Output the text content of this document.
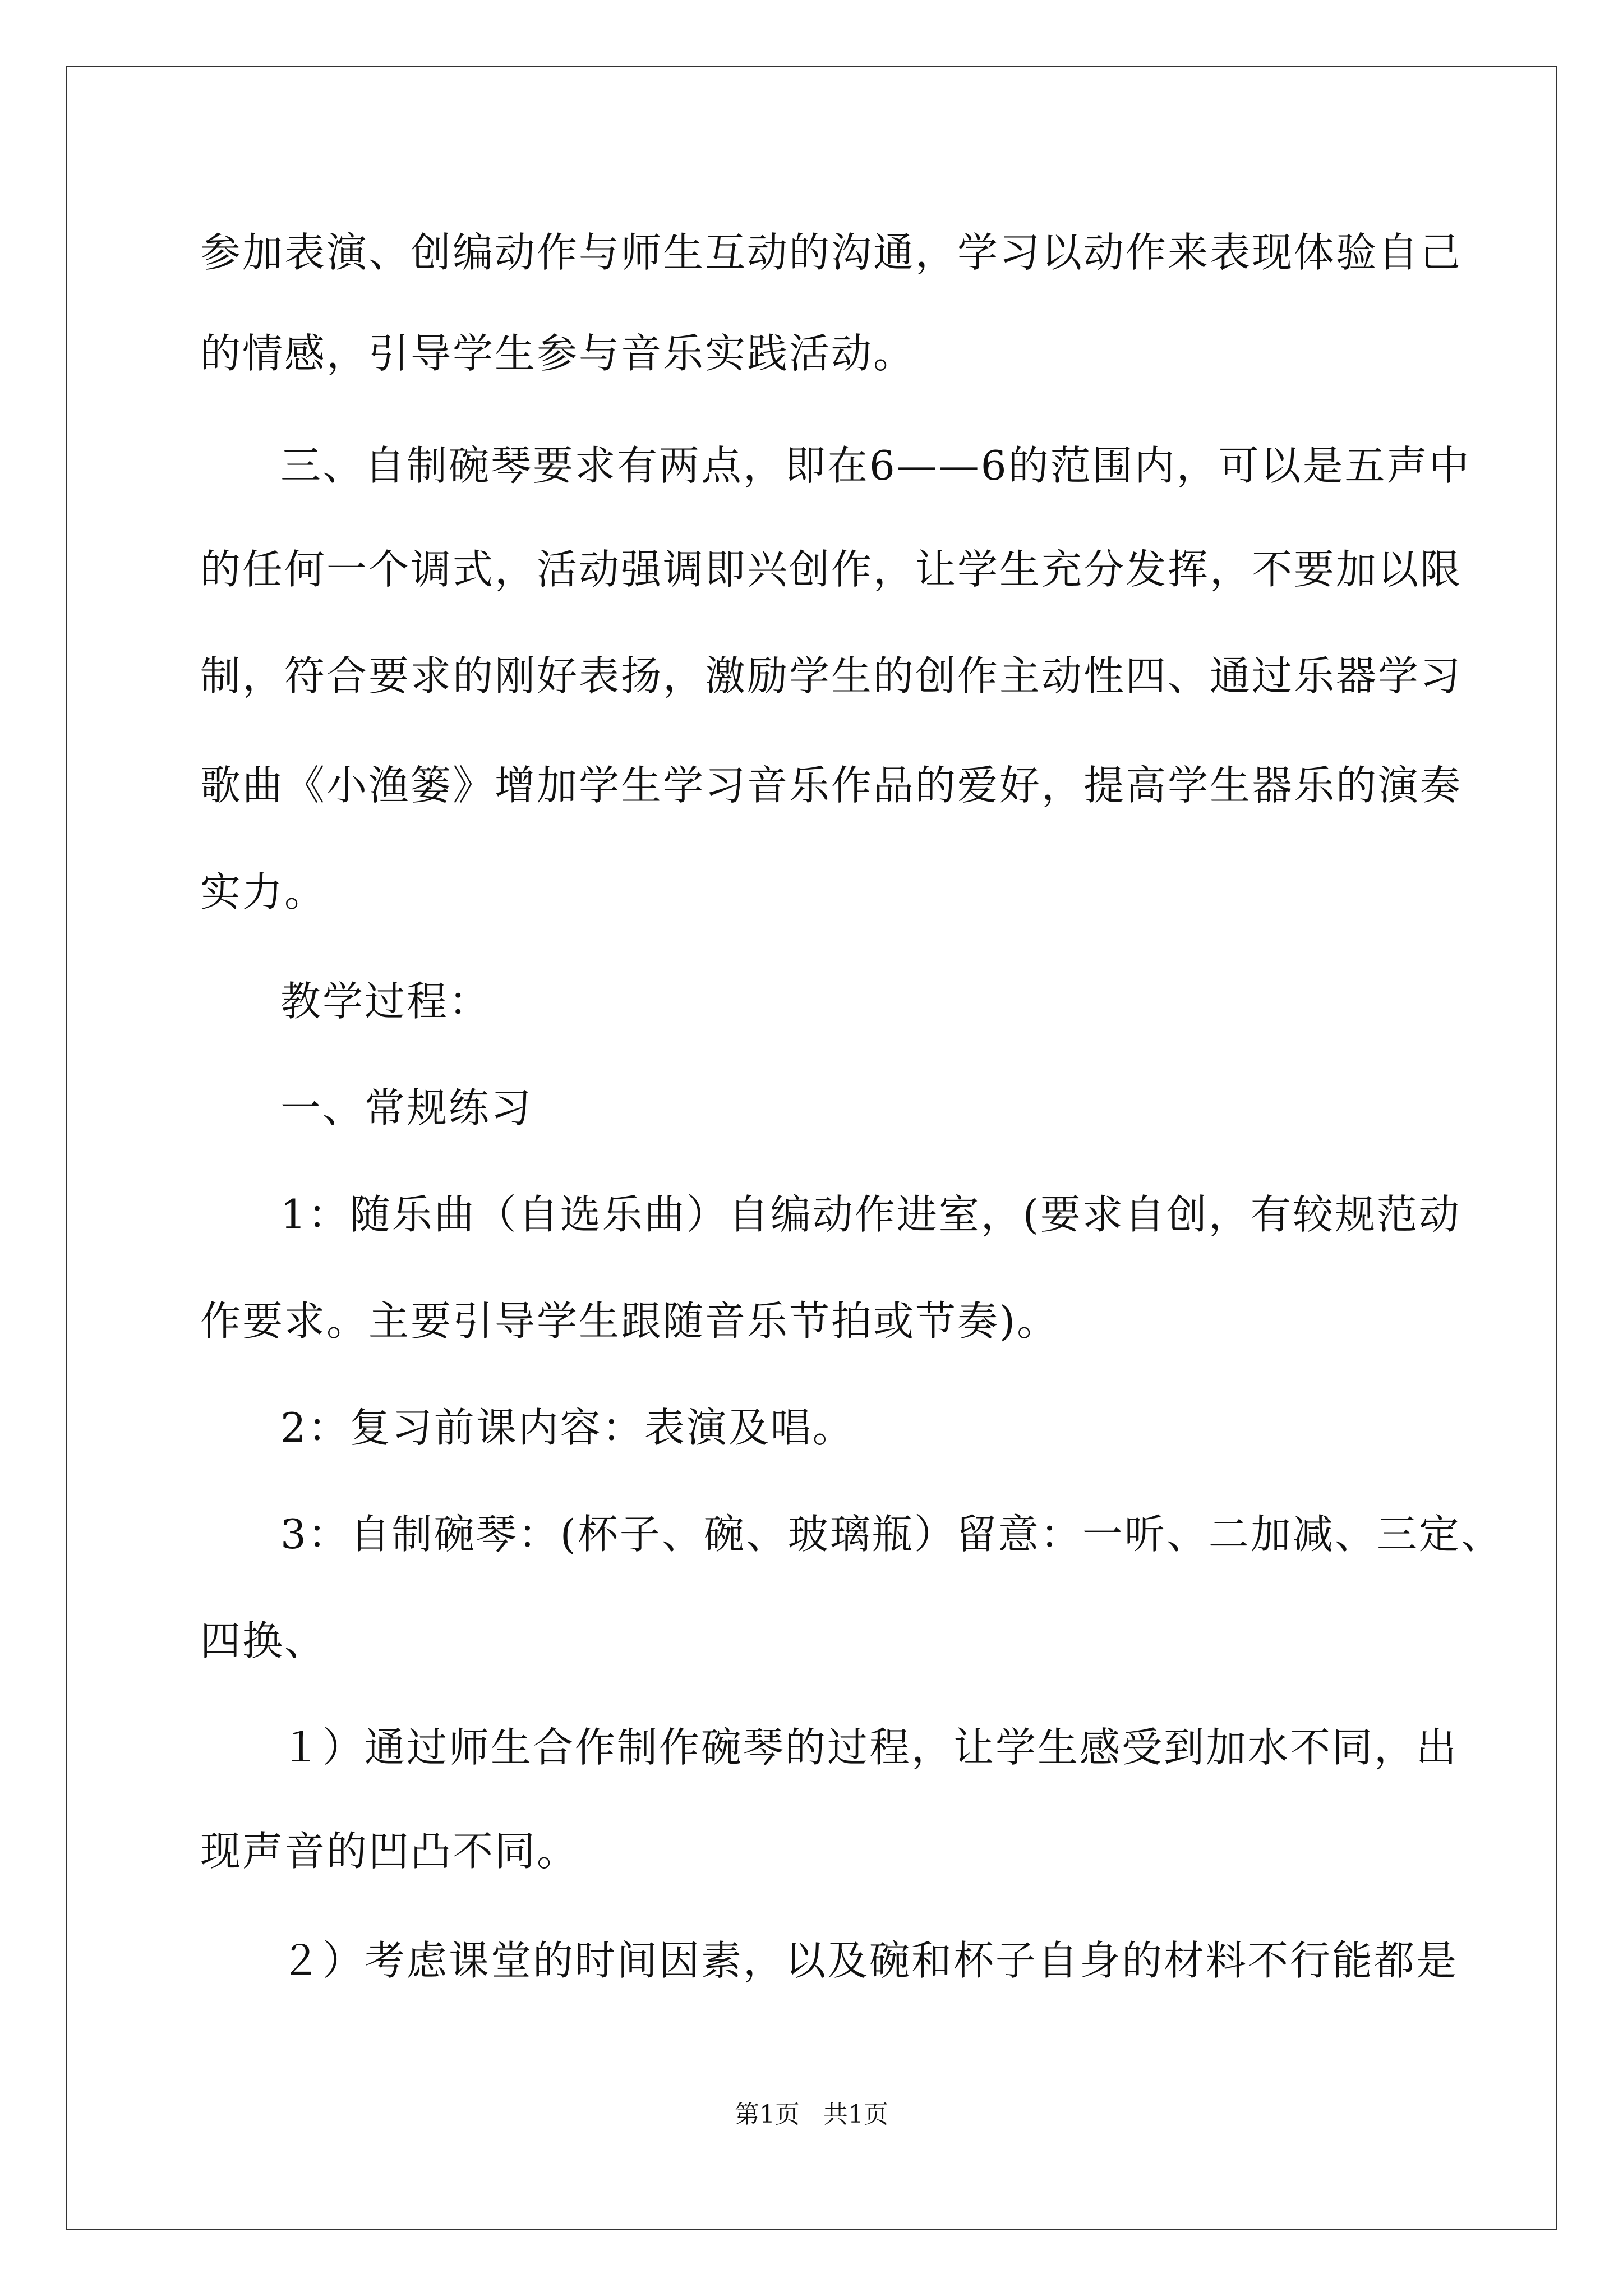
参加表演、创编动作与师生互动的沟通，学习以动作来表现体验自己
的情感，引导学生参与音乐实践活动。
三、自制碗琴要求有两点，即在6——6的范围内，可以是五声中
的任何一个调式，活动强调即兴创作，让学生充分发挥，不要加以限
制，符合要求的刚好表扬，激励学生的创作主动性四、通过乐器学习
歌曲《小渔篓》增加学生学习音乐作品的爱好，提高学生器乐的演奏
实力。
教学过程：
一、常规练习
1：随乐曲（自选乐曲）自编动作进室，(要求自创，有较规范动
作要求。主要引导学生跟随音乐节拍或节奏)。
2：复习前课内容：表演及唱。
3：自制碗琴：(杯子、碗、玻璃瓶）留意：一听、二加减、三定、
四换、
１）通过师生合作制作碗琴的过程，让学生感受到加水不同，出
现声音的凹凸不同。
２）考虑课堂的时间因素，以及碗和杯子自身的材料不行能都是
第1页   共1页
